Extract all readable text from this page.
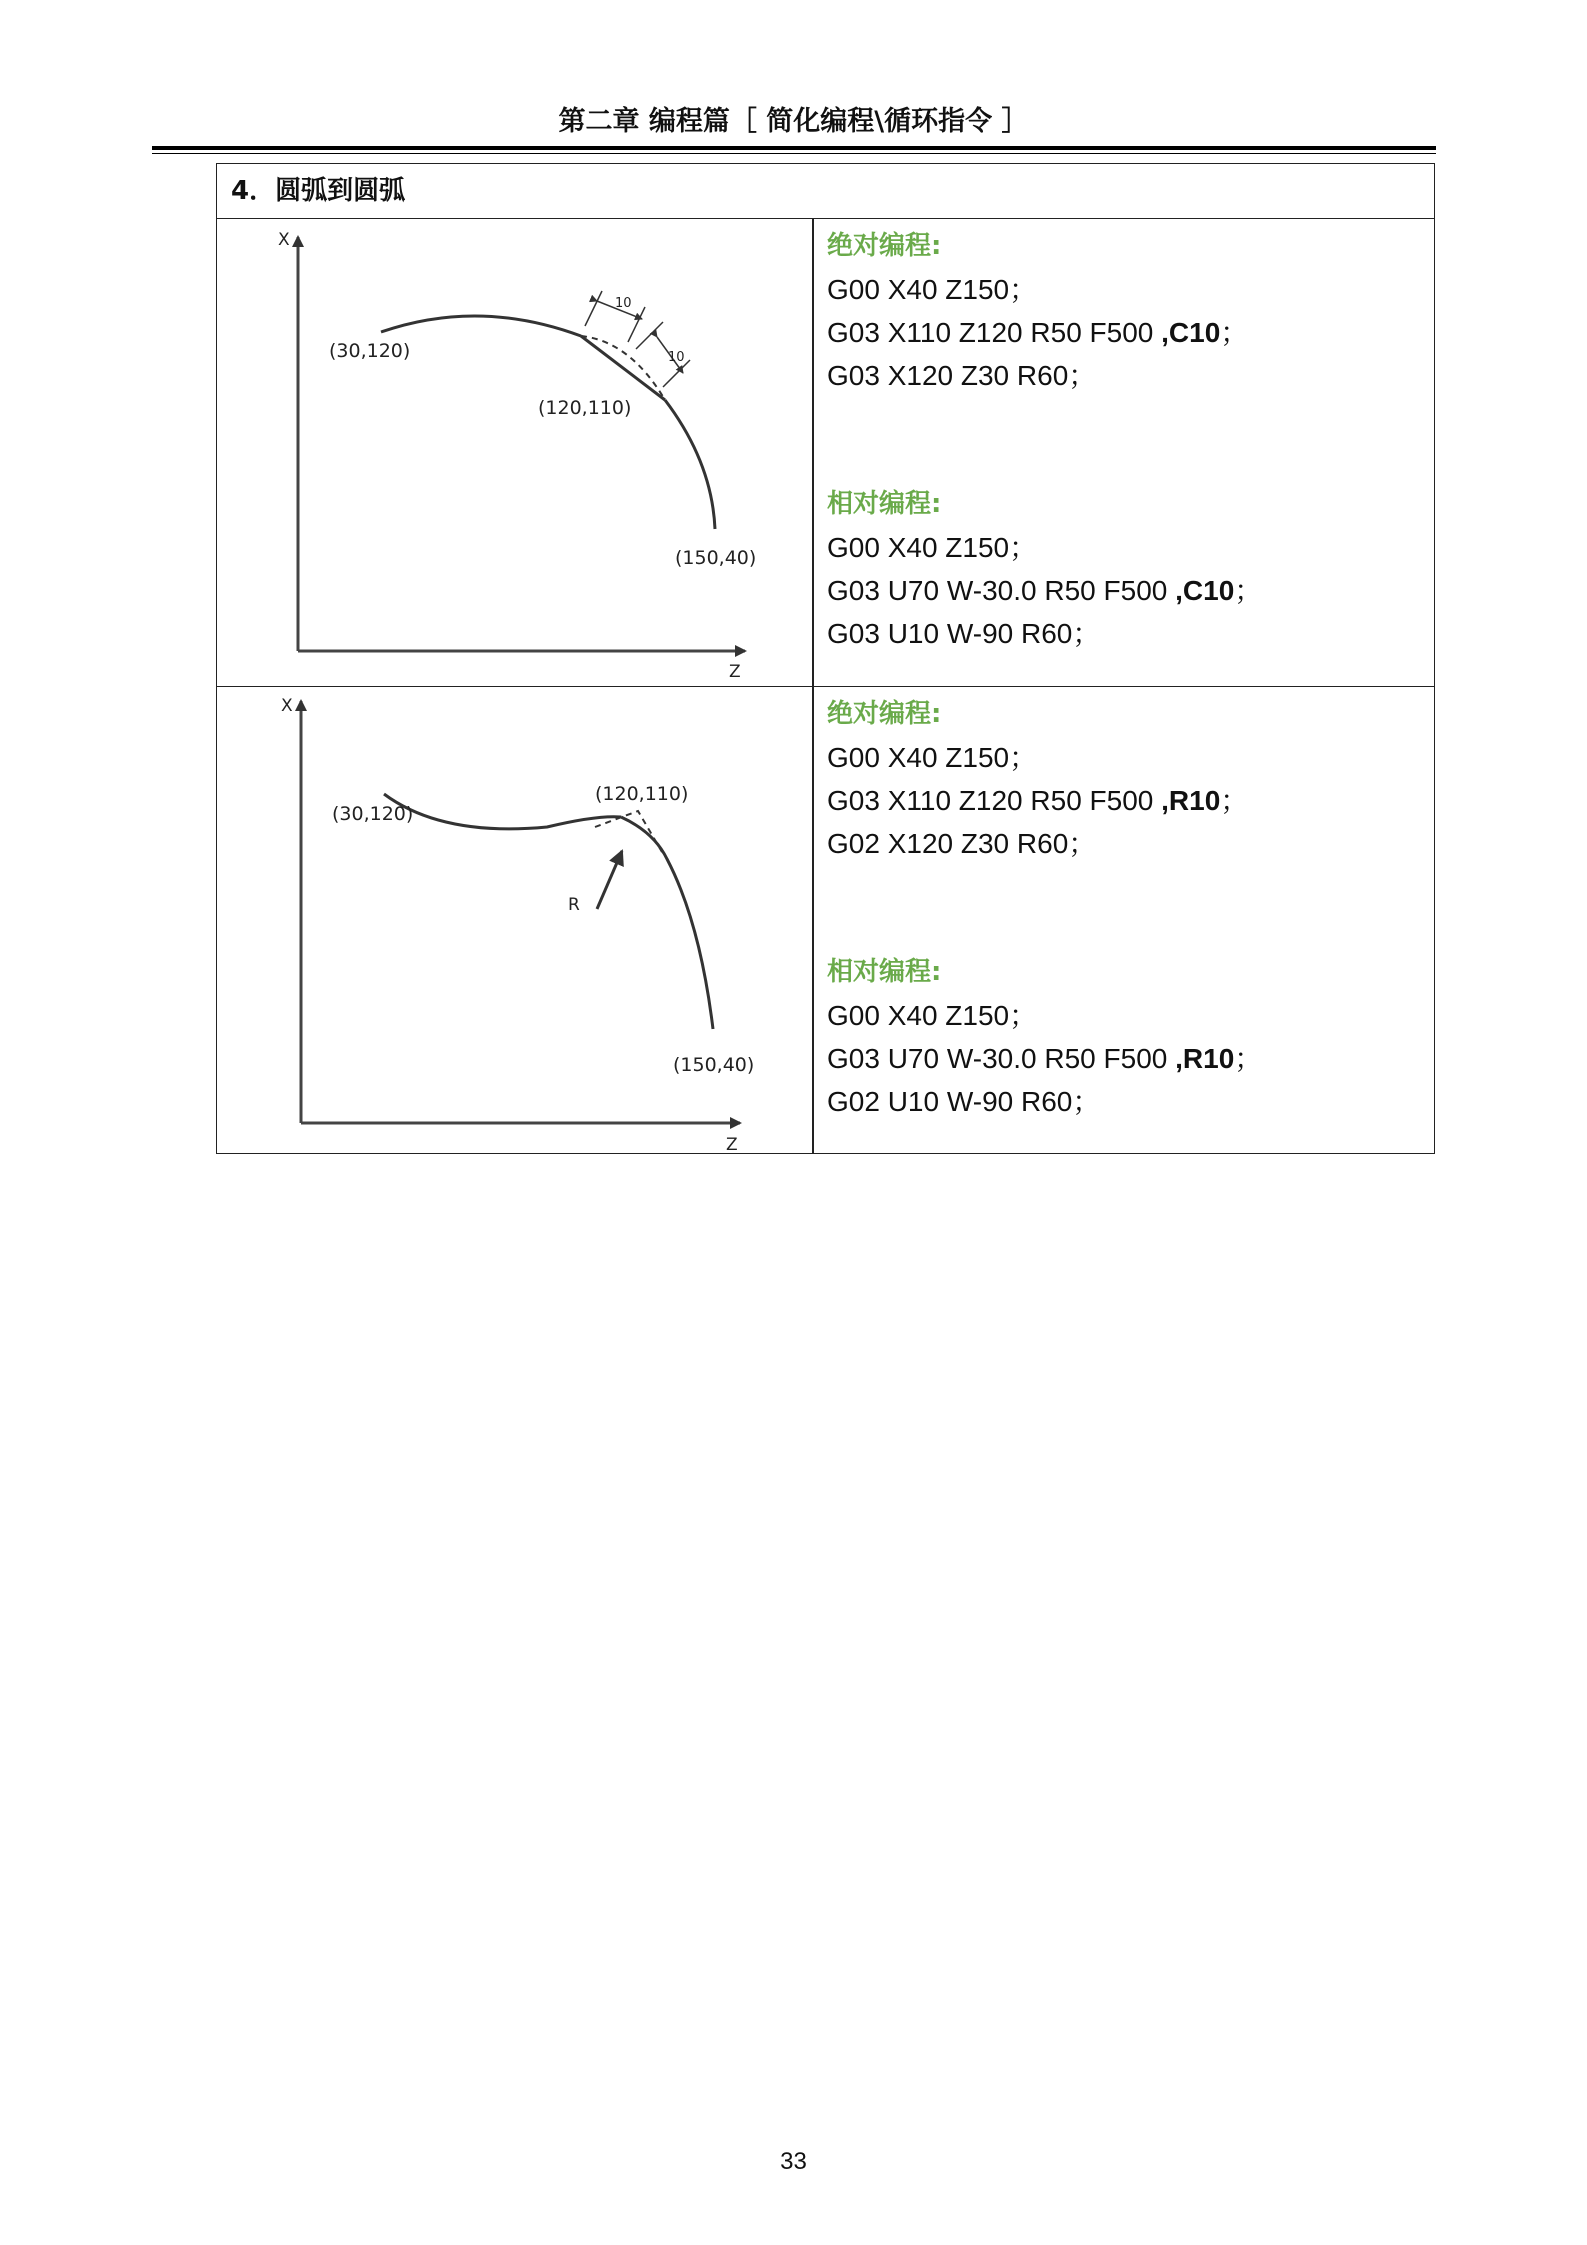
第二章 编程篇［ 简化编程\循环指令 ］
4．圆弧到圆弧
X
Z
10
10
(30,120)
(120,110)
(150,40)
绝对编程:
G00 X40 Z150；
G03 X110 Z120 R50 F500 ,C10；
G03 X120 Z30 R60；
相对编程:
G00 X40 Z150；
G03 U70 W-30.0 R50 F500 ,C10；
G03 U10 W-90 R60；
X
Z
R
(30,120)
(120,110)
(150,40)
绝对编程:
G00 X40 Z150；
G03 X110 Z120 R50 F500 ,R10；
G02 X120 Z30 R60；
相对编程:
G00 X40 Z150；
G03 U70 W-30.0 R50 F500 ,R10；
G02 U10 W-90 R60；
33
